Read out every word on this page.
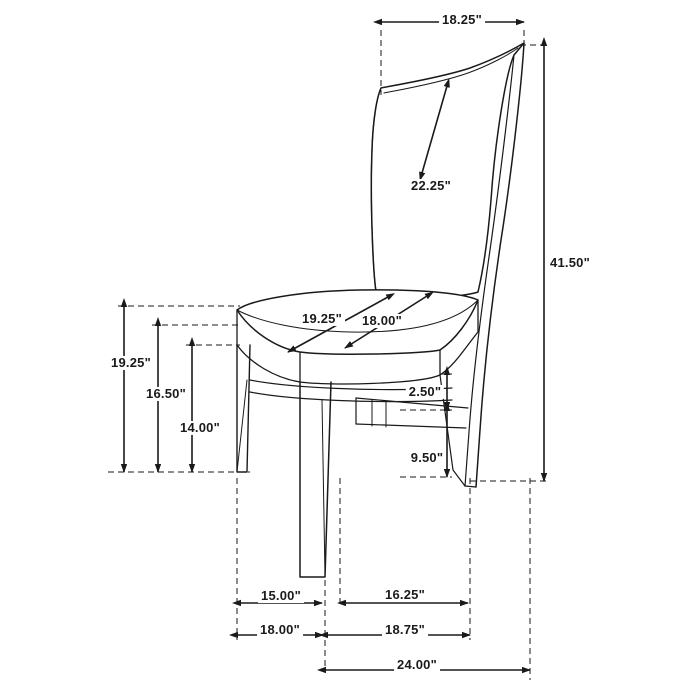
18.25"
22.25"
41.50"
19.25" 18.00"
19.25"
16.50"
14.00"
2.50"
9.50"
15.00"	16.25"
18.00"	18.75"
24.00"
